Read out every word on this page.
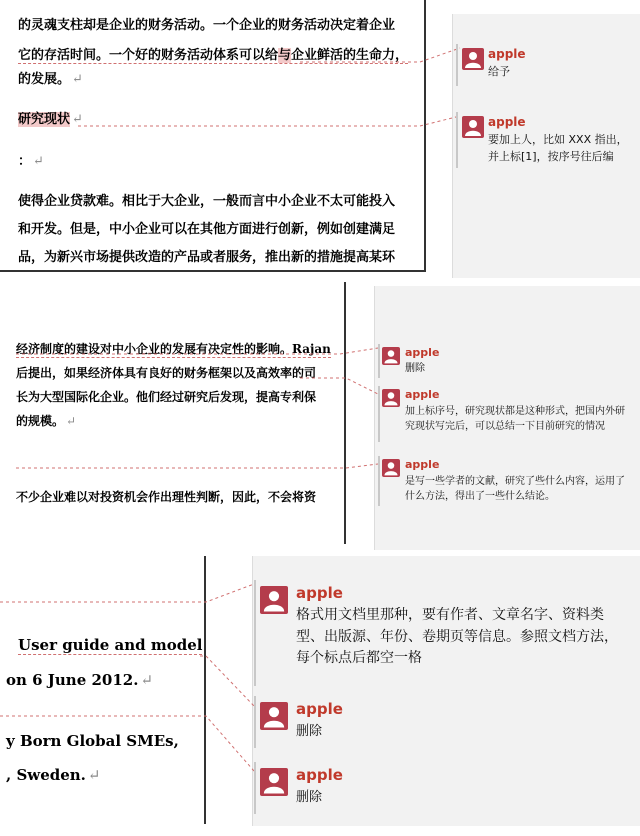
的灵魂支柱却是企业的财务活动。一个企业的财务活动决定着企业
它的存活时间。一个好的财务活动体系可以给与企业鲜活的生命力，
的发展。 ↵
研究现状 ↵
： ↵
使得企业贷款难。相比于大企业，一般而言中小企业不太可能投入
和开发。但是，中小企业可以在其他方面进行创新，例如创建满足
品，为新兴市场提供改造的产品或者服务，推出新的措施提高某环
apple
给予
apple
要加上人，比如 XXX 指出，并上标[1]，按序号往后编
经济制度的建设对中小企业的发展有决定性的影响。Rajan
后提出，如果经济体具有良好的财务框架以及高效率的司
长为大型国际化企业。他们经过研究后发现，提高专利保
的规模。 ↵
不少企业难以对投资机会作出理性判断，因此，不会将资
apple
删除
apple
加上标序号，研究现状都是这种形式，把国内外研究现状写完后，可以总结一下目前研究的情况
apple
是写一些学者的文献，研究了些什么内容，运用了什么方法，得出了一些什么结论。
User guide and model
on 6 June 2012. ↵
y Born Global SMEs,
, Sweden. ↵
apple
格式用文档里那种，要有作者、文章名字、资料类型、出版源、年份、卷期页等信息。参照文档方法，每个标点后都空一格
apple
删除
apple
删除
